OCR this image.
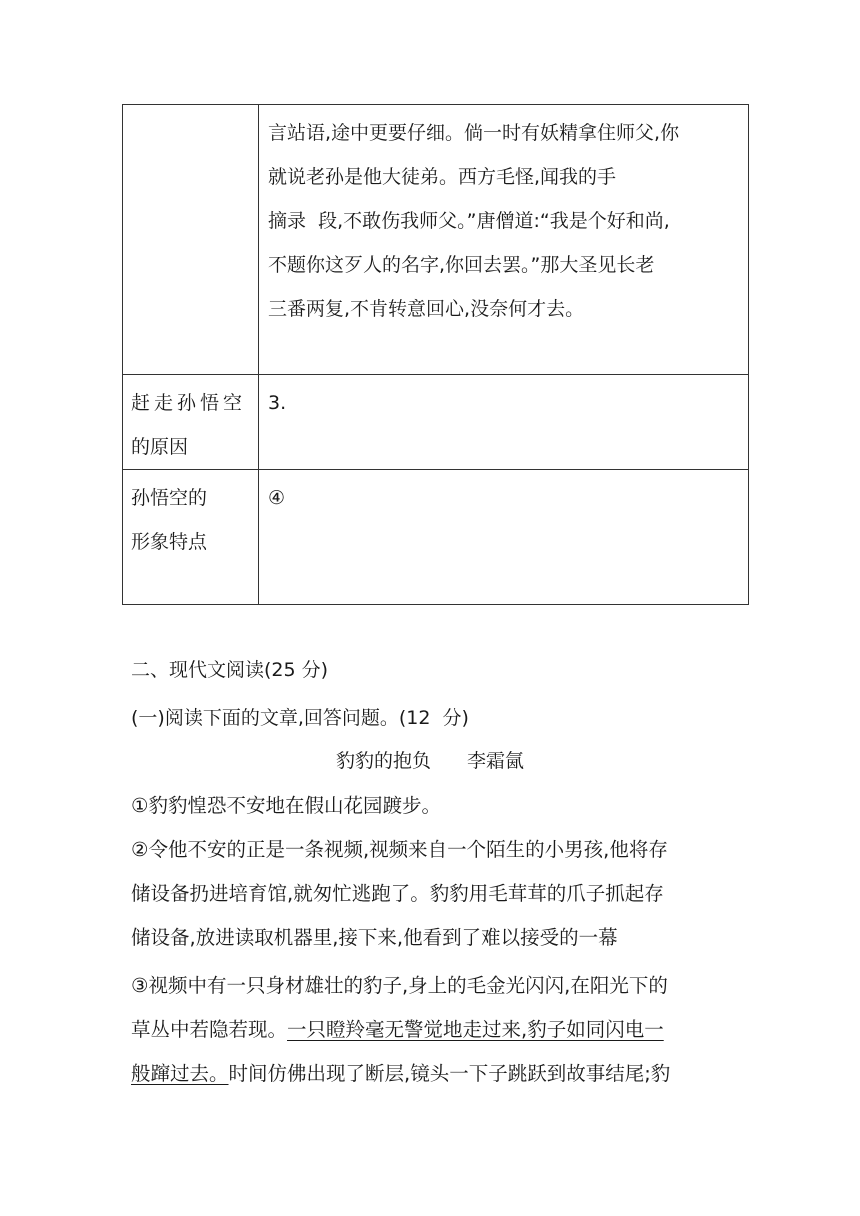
	言站语,途中更要仔细。倘一时有妖精拿住师父,你
就说老孙是他大徒弟。西方毛怪,闻我的手
摘录  段,不敢伤我师父。”唐僧道:“我是个好和尚,
不题你这歹人的名字,你回去罢。”那大圣见长老
三番两复,不肯转意回心,没奈何才去。

赶走孙悟空
的原因	3.

孙悟空的
形象特点	④
二、现代文阅读(25 分)
(一)阅读下面的文章,回答问题。(12  分)
豹豹的抱负 李霜氤
①豹豹惶恐不安地在假山花园踱步。
②令他不安的正是一条视频,视频来自一个陌生的小男孩,他将存
储设备扔进培育馆,就匆忙逃跑了。豹豹用毛茸茸的爪子抓起存
储设备,放进读取机器里,接下来,他看到了难以接受的一幕
③视频中有一只身材雄壮的豹子,身上的毛金光闪闪,在阳光下的
草丛中若隐若现。一只瞪羚毫无警觉地走过来,豹子如同闪电一
般蹿过去。时间仿佛出现了断层,镜头一下子跳跃到故事结尾;豹
